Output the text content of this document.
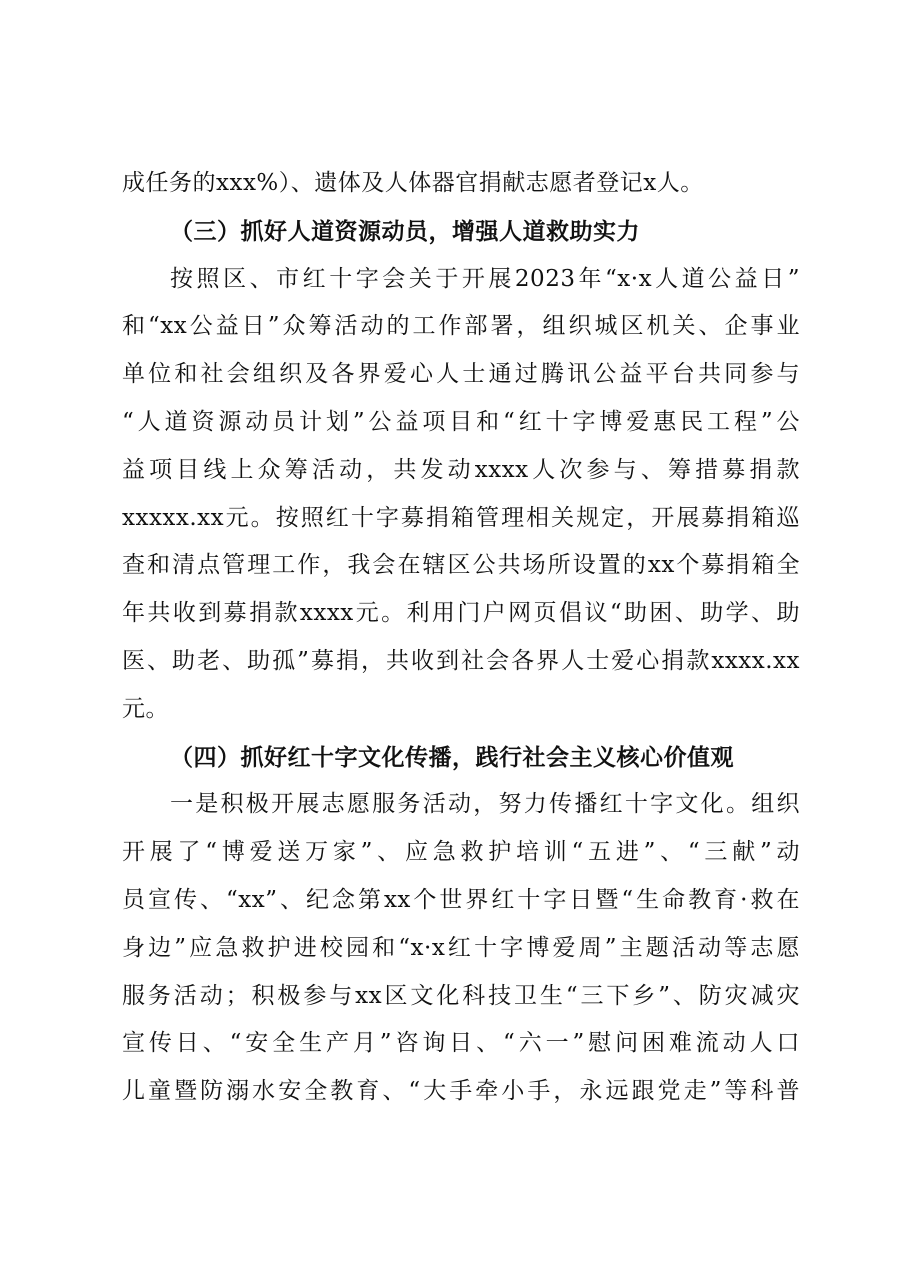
成任务的xxx%）、遗体及人体器官捐献志愿者登记x人。
（三）抓好人道资源动员，增强人道救助实力
按照区、市红十字会关于开展2023年“x·x人道公益日”
和“xx公益日”众筹活动的工作部署，组织城区机关、企事业
单位和社会组织及各界爱心人士通过腾讯公益平台共同参与
“人道资源动员计划”公益项目和“红十字博爱惠民工程”公
益项目线上众筹活动，共发动xxxx人次参与、筹措募捐款
xxxxx.xx元。按照红十字募捐箱管理相关规定，开展募捐箱巡
查和清点管理工作，我会在辖区公共场所设置的xx个募捐箱全
年共收到募捐款xxxx元。利用门户网页倡议“助困、助学、助
医、助老、助孤”募捐，共收到社会各界人士爱心捐款xxxx.xx
元。
（四）抓好红十字文化传播，践行社会主义核心价值观
一是积极开展志愿服务活动，努力传播红十字文化。组织
开展了“博爱送万家”、应急救护培训“五进”、“三献”动
员宣传、“xx”、纪念第xx个世界红十字日暨“生命教育·救在
身边”应急救护进校园和“x·x红十字博爱周”主题活动等志愿
服务活动；积极参与xx区文化科技卫生“三下乡”、防灾减灾
宣传日、“安全生产月”咨询日、“六一”慰问困难流动人口
儿童暨防溺水安全教育、“大手牵小手，永远跟党走”等科普
